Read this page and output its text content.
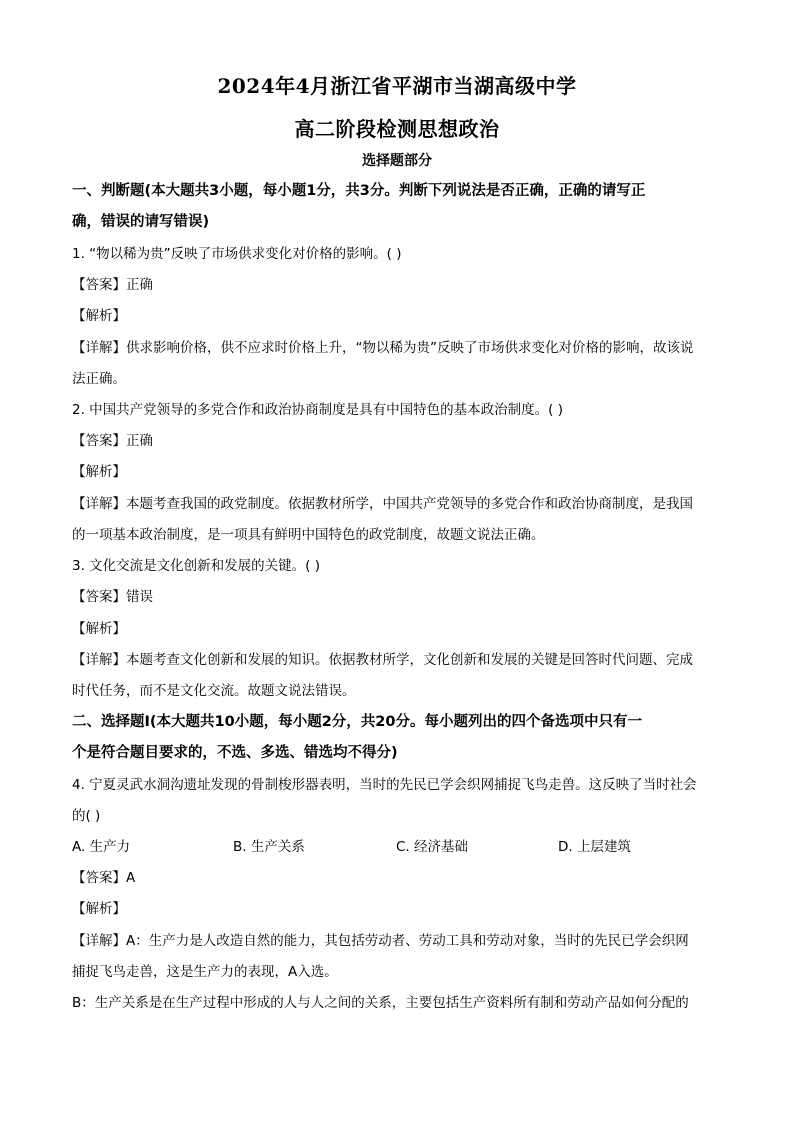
2024年4月浙江省平湖市当湖高级中学
高二阶段检测思想政治
选择题部分
一、判断题(本大题共3小题，每小题1分，共3分。判断下列说法是否正确，正确的请写正
确，错误的请写错误)
1. “物以稀为贵”反映了市场供求变化对价格的影响。( )
【答案】正确
【解析】
【详解】供求影响价格，供不应求时价格上升，“物以稀为贵”反映了市场供求变化对价格的影响，故该说
法正确。
2. 中国共产党领导的多党合作和政治协商制度是具有中国特色的基本政治制度。( )
【答案】正确
【解析】
【详解】本题考查我国的政党制度。依据教材所学，中国共产党领导的多党合作和政治协商制度，是我国
的一项基本政治制度，是一项具有鲜明中国特色的政党制度，故题文说法正确。
3. 文化交流是文化创新和发展的关键。( )
【答案】错误
【解析】
【详解】本题考查文化创新和发展的知识。依据教材所学，文化创新和发展的关键是回答时代问题、完成
时代任务，而不是文化交流。故题文说法错误。
二、选择题Ⅰ(本大题共10小题，每小题2分，共20分。每小题列出的四个备选项中只有一
个是符合题目要求的，不选、多选、错选均不得分)
4. 宁夏灵武水洞沟遗址发现的骨制梭形器表明，当时的先民已学会织网捕捉飞鸟走兽。这反映了当时社会
的( )
A. 生产力	B. 生产关系	C. 经济基础	D. 上层建筑
【答案】A
【解析】
【详解】A：生产力是人改造自然的能力，其包括劳动者、劳动工具和劳动对象，当时的先民已学会织网
捕捉飞鸟走兽，这是生产力的表现，A入选。
B：生产关系是在生产过程中形成的人与人之间的关系，主要包括生产资料所有制和劳动产品如何分配的
